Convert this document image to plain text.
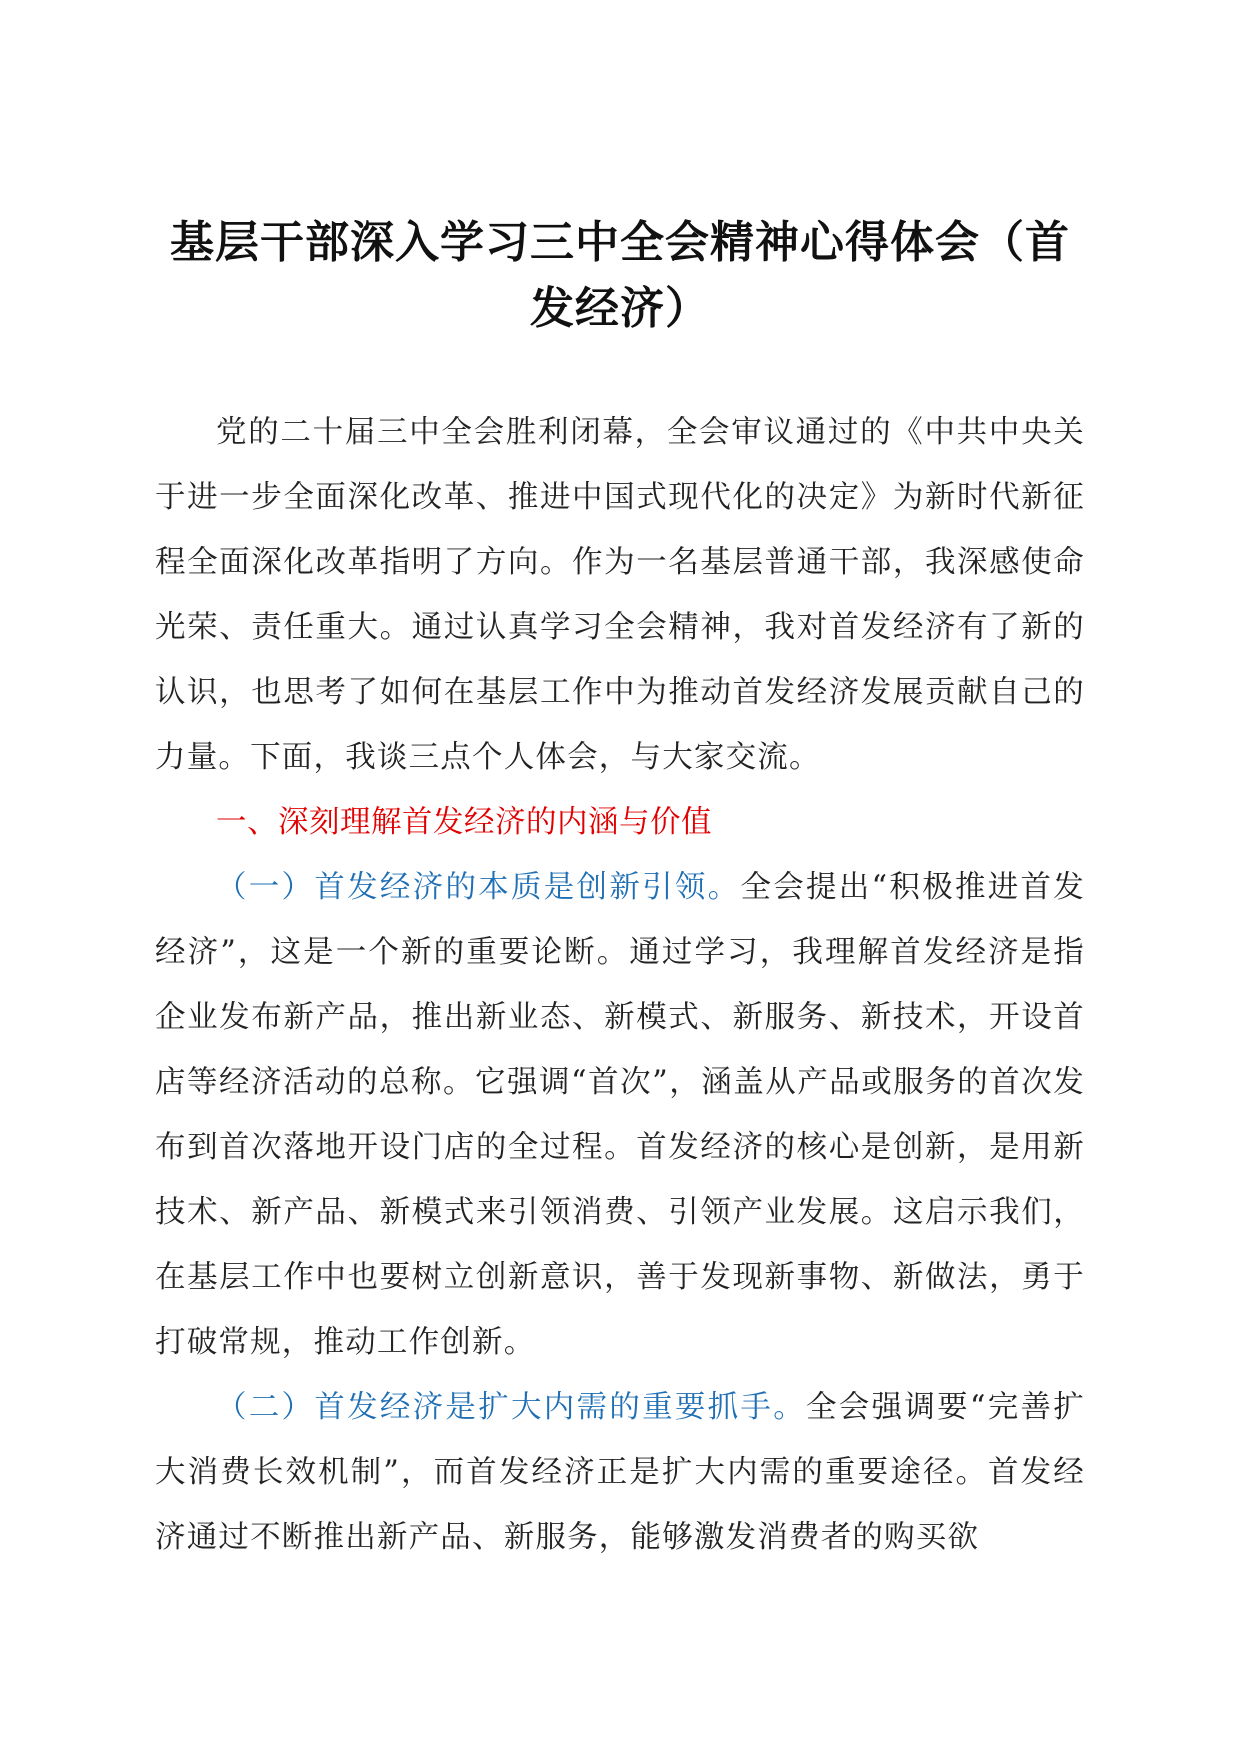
基层干部深入学习三中全会精神心得体会（首发经济）

党的二十届三中全会胜利闭幕，全会审议通过的《中共中央关于进一步全面深化改革、推进中国式现代化的决定》为新时代新征程全面深化改革指明了方向。作为一名基层普通干部，我深感使命光荣、责任重大。通过认真学习全会精神，我对首发经济有了新的认识，也思考了如何在基层工作中为推动首发经济发展贡献自己的力量。下面，我谈三点个人体会，与大家交流。

一、深刻理解首发经济的内涵与价值

（一）首发经济的本质是创新引领。全会提出“积极推进首发经济”，这是一个新的重要论断。通过学习，我理解首发经济是指企业发布新产品，推出新业态、新模式、新服务、新技术，开设首店等经济活动的总称。它强调“首次”，涵盖从产品或服务的首次发布到首次落地开设门店的全过程。首发经济的核心是创新，是用新技术、新产品、新模式来引领消费、引领产业发展。这启示我们，在基层工作中也要树立创新意识，善于发现新事物、新做法，勇于打破常规，推动工作创新。

（二）首发经济是扩大内需的重要抓手。全会强调要“完善扩大消费长效机制”，而首发经济正是扩大内需的重要途径。首发经济通过不断推出新产品、新服务，能够激发消费者的购买欲
